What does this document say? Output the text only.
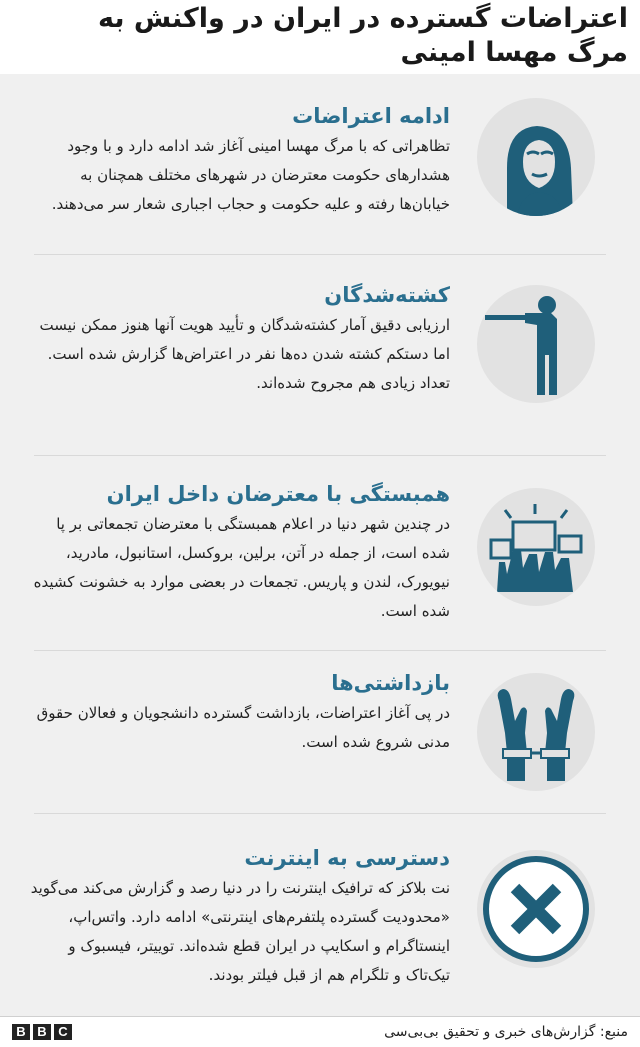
اعتراضات گسترده در ایران در واکنش به مرگ مهسا امینی
ادامه اعتراضات

تظاهراتی که با مرگ مهسا امینی آغاز شد ادامه دارد و با وجود هشدارهای حکومت معترضان در شهرهای مختلف همچنان به خیابان‌ها رفته و علیه حکومت و حجاب اجباری شعار سر می‌دهند.

کشته‌شدگان

ارزیابی دقیق آمار کشته‌شدگان و تأیید هویت آنها هنوز ممکن نیست اما دستکم کشته شدن ده‌ها نفر در اعتراض‌ها گزارش شده است. تعداد زیادی هم مجروح شده‌اند.

همبستگی با معترضان داخل ایران

در چندین شهر دنیا در اعلام همبستگی با معترضان تجمعاتی بر پا شده است، از جمله در آتن، برلین، بروکسل، استانبول، مادرید، نیویورک، لندن و پاریس. تجمعات در بعضی موارد به خشونت کشیده شده است.

بازداشتی‌ها

در پی آغاز اعتراضات، بازداشت گسترده دانشجویان و فعالان حقوق مدنی شروع شده است.

دسترسی به اینترنت

نت بلاکز که ترافیک اینترنت را در دنیا رصد و گزارش می‌کند می‌گوید «محدودیت گسترده پلتفرم‌های اینترنتی» ادامه دارد. واتس‌اپ، اینستاگرام و اسکایپ در ایران قطع شده‌اند. توییتر، فیسبوک و تیک‌تاک و تلگرام هم از قبل فیلتر بودند.

B B C	منبع: گزارش‌های خبری و تحقیق بی‌بی‌سی
